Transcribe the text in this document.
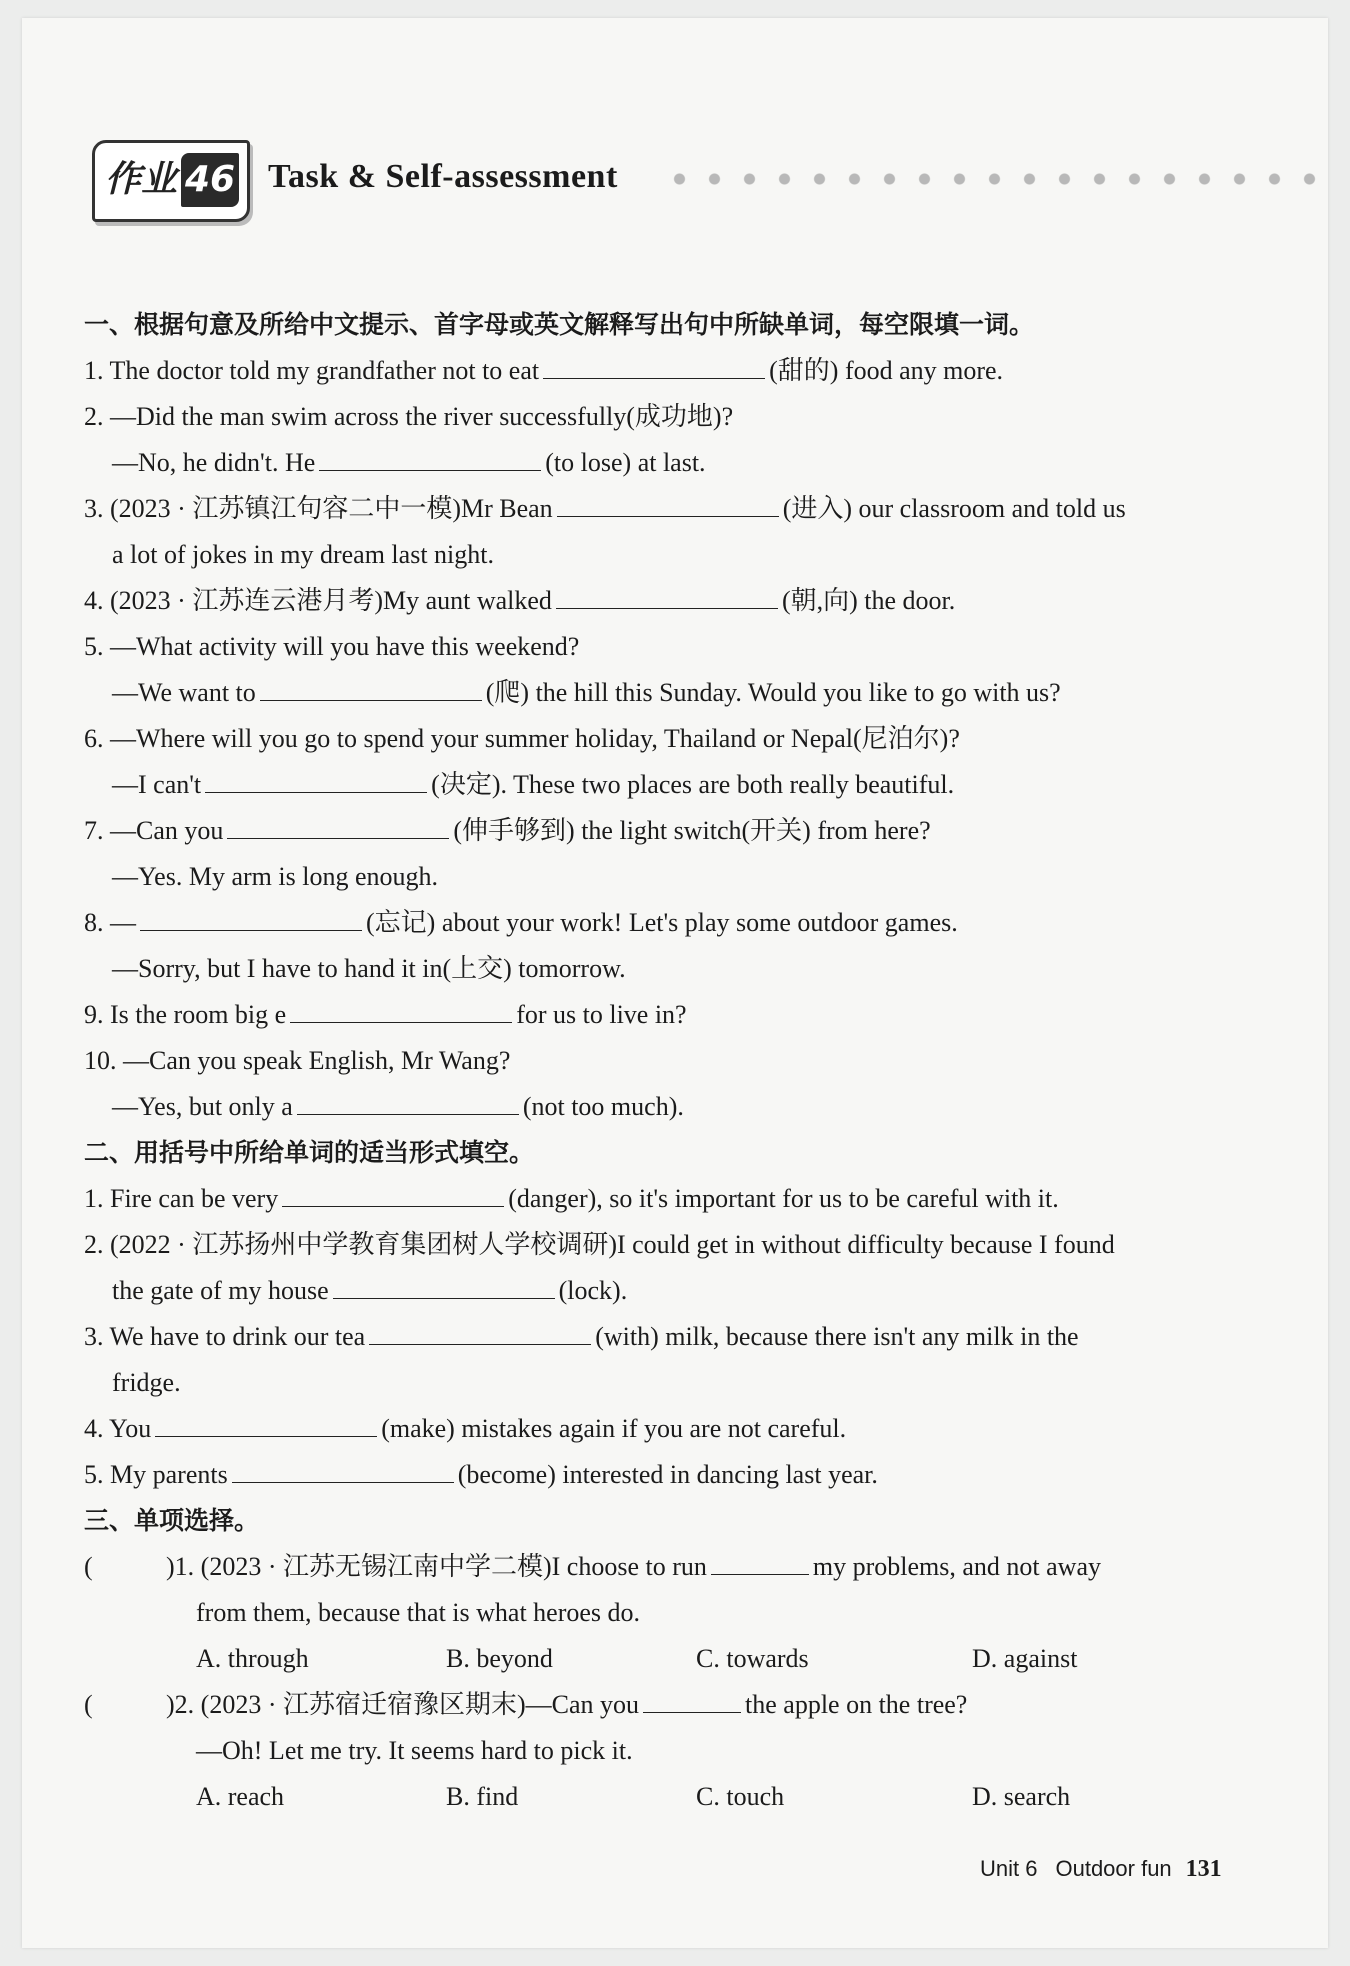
作业 46 Task & Self-assessment
一、根据句意及所给中文提示、首字母或英文解释写出句中所缺单词，每空限填一词。
1. The doctor told my grandfather not to eat	(甜的) food any more.
2. —Did the man swim across the river successfully(成功地)?
—No, he didn't. He	(to lose) at last.
3. (2023 · 江苏镇江句容二中一模)Mr Bean	(进入) our classroom and told us
a lot of jokes in my dream last night.
4. (2023 · 江苏连云港月考)My aunt walked	(朝,向) the door.
5. —What activity will you have this weekend?
—We want to	(爬) the hill this Sunday. Would you like to go with us?
6. —Where will you go to spend your summer holiday, Thailand or Nepal(尼泊尔)?
—I can't	(决定). These two places are both really beautiful.
7. —Can you	(伸手够到) the light switch(开关) from here?
—Yes. My arm is long enough.
8. —	(忘记) about your work! Let's play some outdoor games.
—Sorry, but I have to hand it in(上交) tomorrow.
9. Is the room big e	for us to live in?
10. —Can you speak English, Mr Wang?
—Yes, but only a	(not too much).
二、用括号中所给单词的适当形式填空。
1. Fire can be very	(danger), so it's important for us to be careful with it.
2. (2022 · 江苏扬州中学教育集团树人学校调研)I could get in without difficulty because I found
the gate of my house	(lock).
3. We have to drink our tea	(with) milk, because there isn't any milk in the
fridge.
4. You	(make) mistakes again if you are not careful.
5. My parents	(become) interested in dancing last year.
三、单项选择。
(	)1. (2023 · 江苏无锡江南中学二模)I choose to run	my problems, and not away
from them, because that is what heroes do.
A. through	B. beyond	C. towards	D. against
(	)2. (2023 · 江苏宿迁宿豫区期末)—Can you	the apple on the tree?
—Oh! Let me try. It seems hard to pick it.
A. reach	B. find	C. touch	D. search
Unit 6 Outdoor fun 131
